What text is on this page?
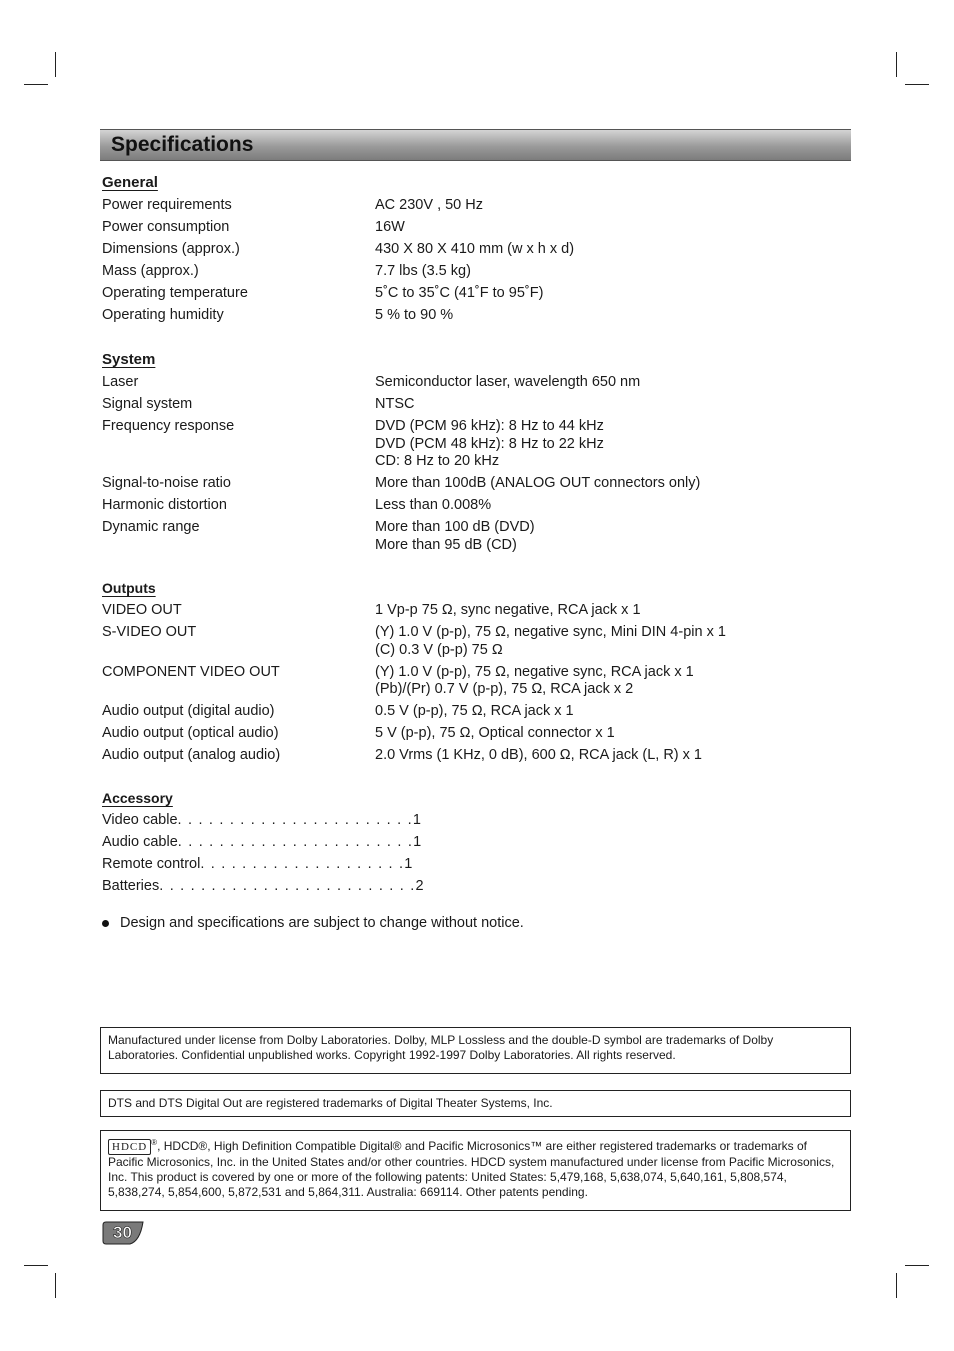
Specifications
General
Power requirements	AC 230V , 50 Hz
Power consumption	16W
Dimensions (approx.)	430 X 80 X 410 mm (w x h x d)
Mass (approx.)	7.7 lbs (3.5 kg)
Operating temperature	5˚C to 35˚C (41˚F to 95˚F)
Operating humidity	5 % to 90 %
System
Laser	Semiconductor laser, wavelength 650 nm
Signal system	NTSC
Frequency response	DVD (PCM 96 kHz): 8 Hz to 44 kHz
DVD (PCM 48 kHz): 8 Hz to 22 kHz
CD: 8 Hz to 20 kHz
Signal-to-noise ratio	More than 100dB (ANALOG OUT connectors only)
Harmonic distortion	Less than 0.008%
Dynamic range	More than 100 dB (DVD)
More than 95 dB (CD)
Outputs
VIDEO OUT	1 Vp-p 75 Ω, sync negative, RCA jack x 1
S-VIDEO OUT	(Y) 1.0 V (p-p), 75 Ω, negative sync, Mini DIN 4-pin x 1
(C) 0.3 V (p-p) 75 Ω
COMPONENT VIDEO OUT	(Y) 1.0 V (p-p), 75 Ω, negative sync, RCA jack x 1
(Pb)/(Pr) 0.7 V (p-p), 75 Ω, RCA jack x 2
Audio output (digital audio)	0.5 V (p-p), 75 Ω, RCA jack x 1
Audio output (optical audio)	5 V (p-p), 75 Ω, Optical connector x 1
Audio output (analog audio)	2.0 Vrms (1 KHz, 0 dB), 600 Ω, RCA jack (L, R) x 1
Accessory
Video cable . . . . . . . . . . . . . . . . . . . . . . . 1
Audio cable . . . . . . . . . . . . . . . . . . . . . . . 1
Remote control . . . . . . . . . . . . . . . . . . . . 1
Batteries . . . . . . . . . . . . . . . . . . . . . . . . . 2
Design and specifications are subject to change without notice.
Manufactured under license from Dolby Laboratories. Dolby, MLP Lossless and the double-D symbol are trademarks of Dolby Laboratories. Confidential unpublished works. Copyright 1992-1997 Dolby Laboratories. All rights reserved.
DTS and DTS Digital Out are registered trademarks of Digital Theater Systems, Inc.
HDCD ®, HDCD®, High Definition Compatible Digital® and Pacific Microsonics™ are either registered trademarks or trademarks of Pacific Microsonics, Inc. in the United States and/or other countries. HDCD system manufactured under license from Pacific Microsonics, Inc. This product is covered by one or more of the following patents: United States: 5,479,168, 5,638,074, 5,640,161, 5,808,574, 5,838,274, 5,854,600, 5,872,531 and 5,864,311. Australia: 669114. Other patents pending.
30
